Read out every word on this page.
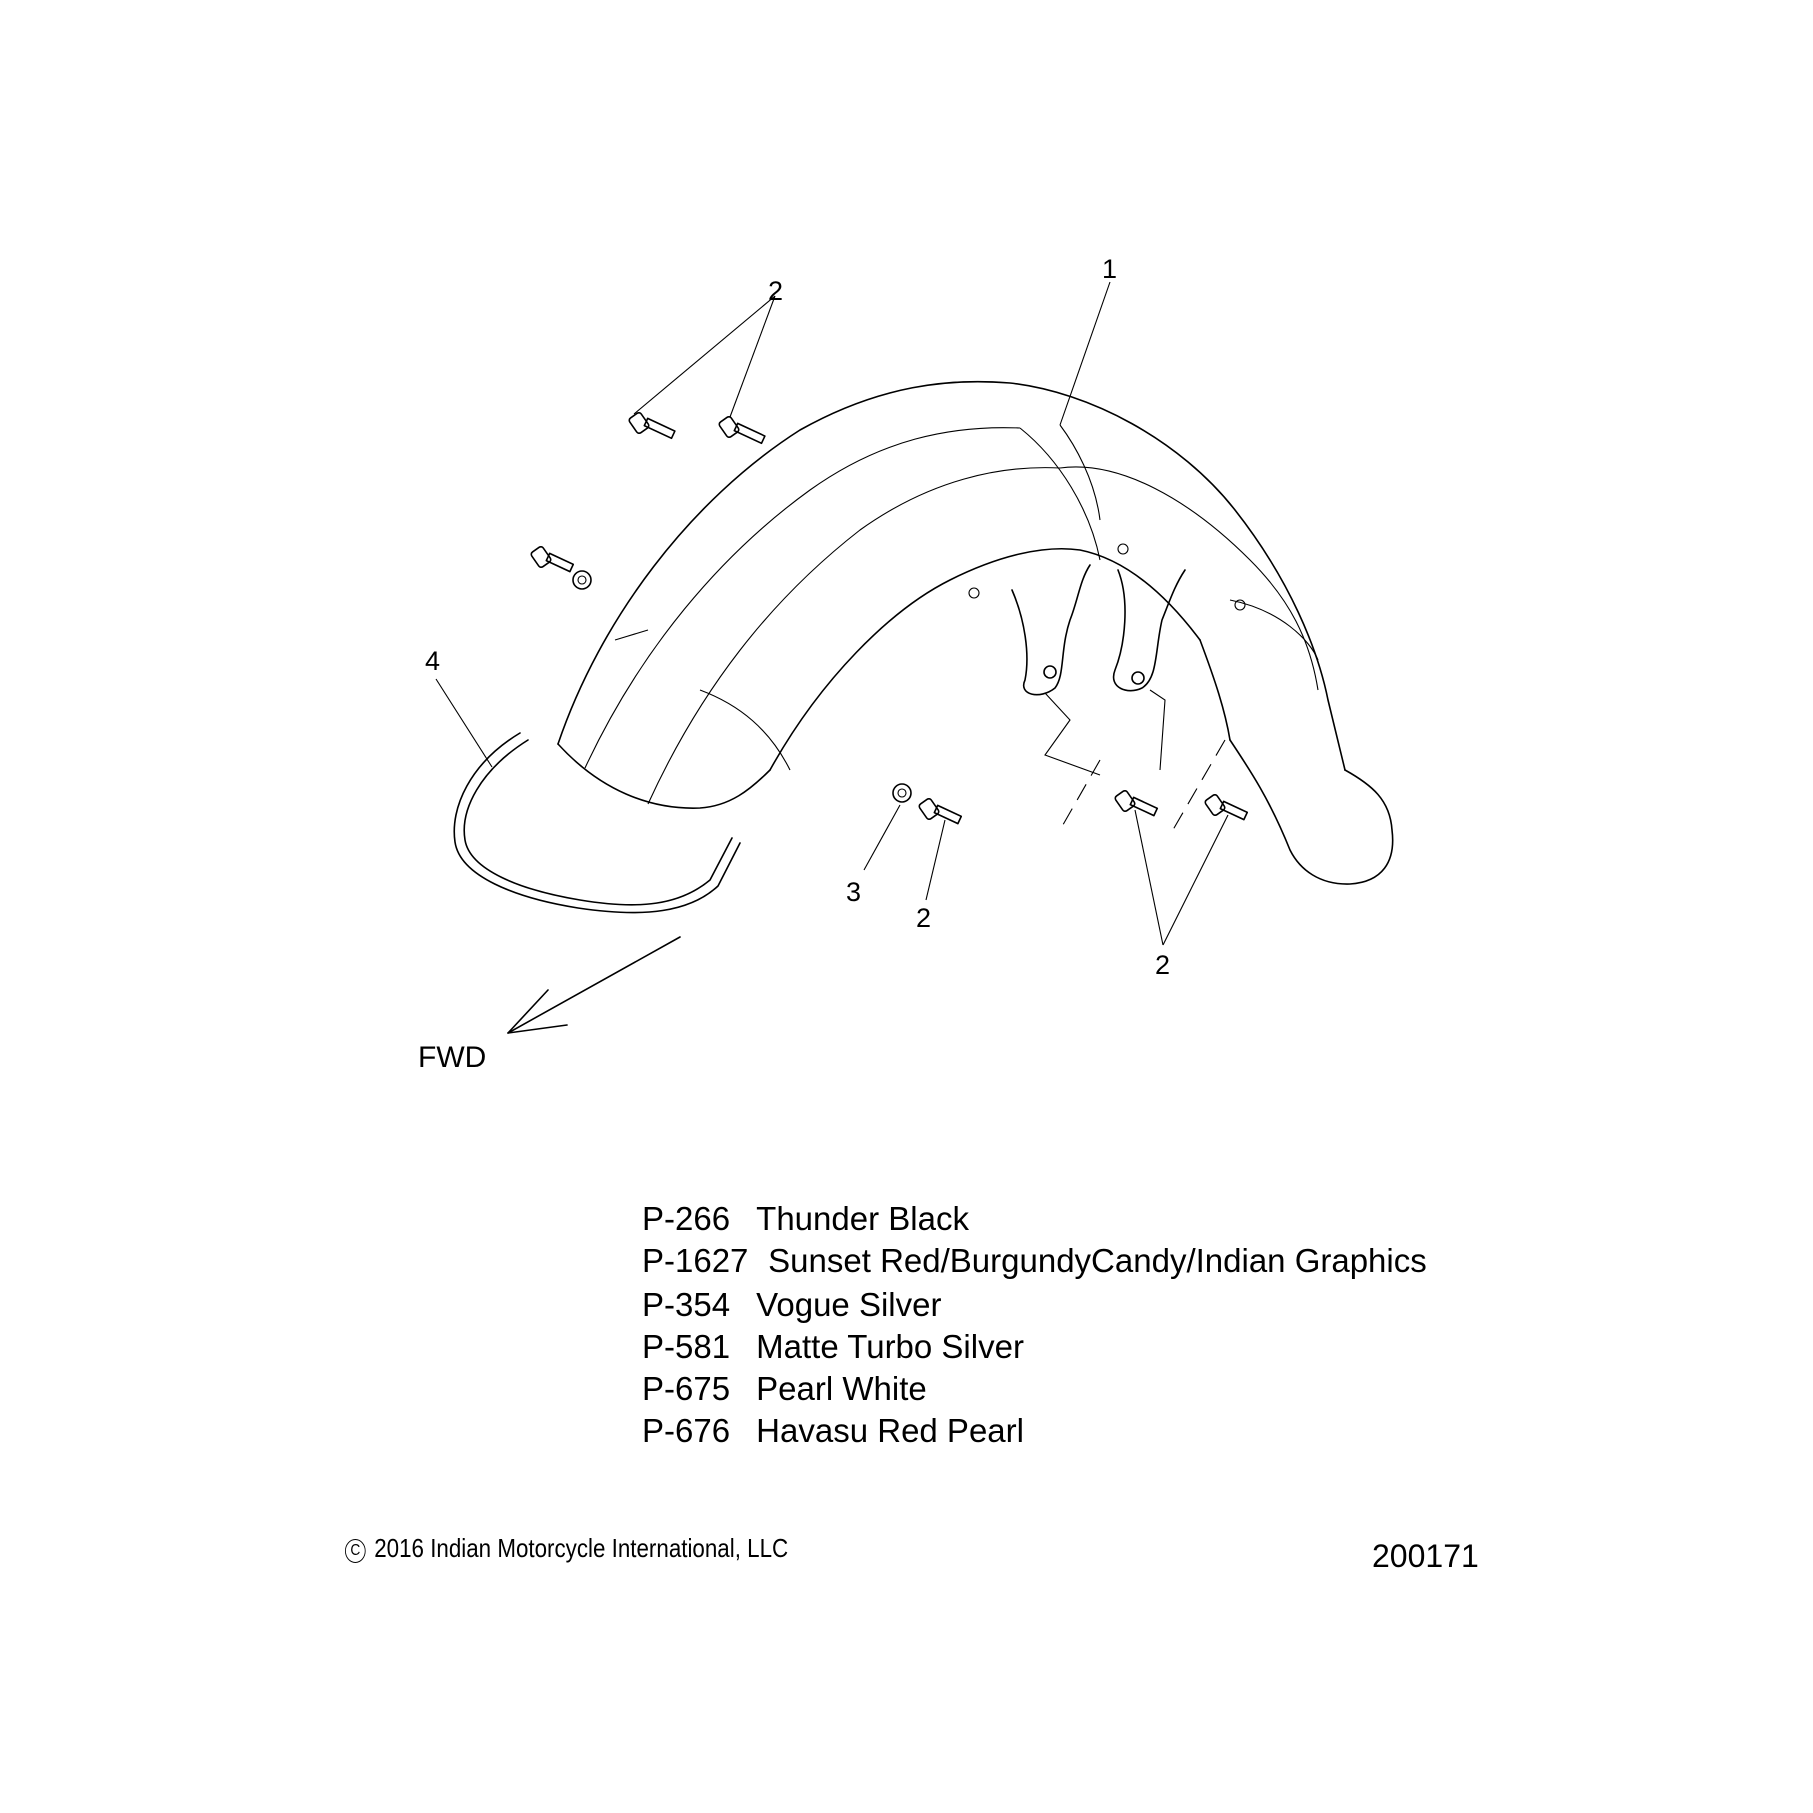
1
2
4
3
2
2
FWD
P-266 Thunder Black
P-1627 Sunset Red/BurgundyCandy/Indian Graphics
P-354 Vogue Silver
P-581 Matte Turbo Silver
P-675 Pearl White
P-676 Havasu Red Pearl
C 2016 Indian Motorcycle International, LLC	200171
